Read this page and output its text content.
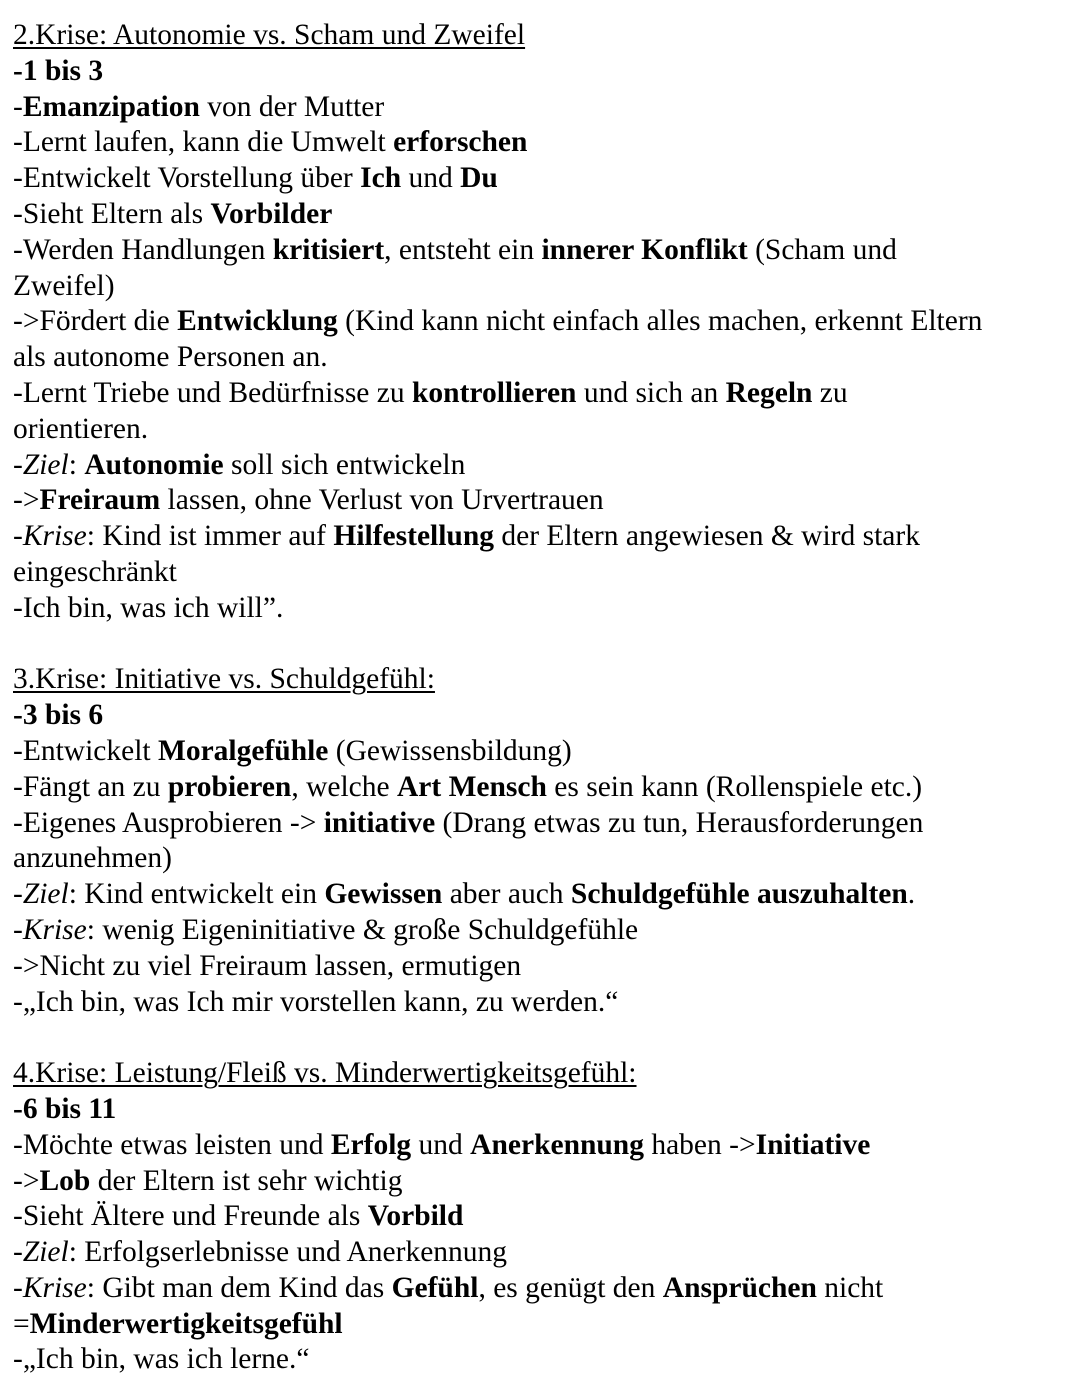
2.Krise: Autonomie vs. Scham und Zweifel
-1 bis 3
-Emanzipation von der Mutter
-Lernt laufen, kann die Umwelt erforschen
-Entwickelt Vorstellung über Ich und Du
-Sieht Eltern als Vorbilder
-Werden Handlungen kritisiert, entsteht ein innerer Konflikt (Scham und
Zweifel)
->Fördert die Entwicklung (Kind kann nicht einfach alles machen, erkennt Eltern
als autonome Personen an.
-Lernt Triebe und Bedürfnisse zu kontrollieren und sich an Regeln zu
orientieren.
-Ziel: Autonomie soll sich entwickeln
->Freiraum lassen, ohne Verlust von Urvertrauen
-Krise: Kind ist immer auf Hilfestellung der Eltern angewiesen & wird stark
eingeschränkt
-Ich bin, was ich will”.
3.Krise: Initiative vs. Schuldgefühl:
-3 bis 6
-Entwickelt Moralgefühle (Gewissensbildung)
-Fängt an zu probieren, welche Art Mensch es sein kann (Rollenspiele etc.)
-Eigenes Ausprobieren -> initiative (Drang etwas zu tun, Herausforderungen
anzunehmen)
-Ziel: Kind entwickelt ein Gewissen aber auch Schuldgefühle auszuhalten.
-Krise: wenig Eigeninitiative & große Schuldgefühle
->Nicht zu viel Freiraum lassen, ermutigen
-„Ich bin, was Ich mir vorstellen kann, zu werden.“
4.Krise: Leistung/Fleiß vs. Minderwertigkeitsgefühl:
-6 bis 11
-Möchte etwas leisten und Erfolg und Anerkennung haben ->Initiative
->Lob der Eltern ist sehr wichtig
-Sieht Ältere und Freunde als Vorbild
-Ziel: Erfolgserlebnisse und Anerkennung
-Krise: Gibt man dem Kind das Gefühl, es genügt den Ansprüchen nicht
=Minderwertigkeitsgefühl
-„Ich bin, was ich lerne.“
